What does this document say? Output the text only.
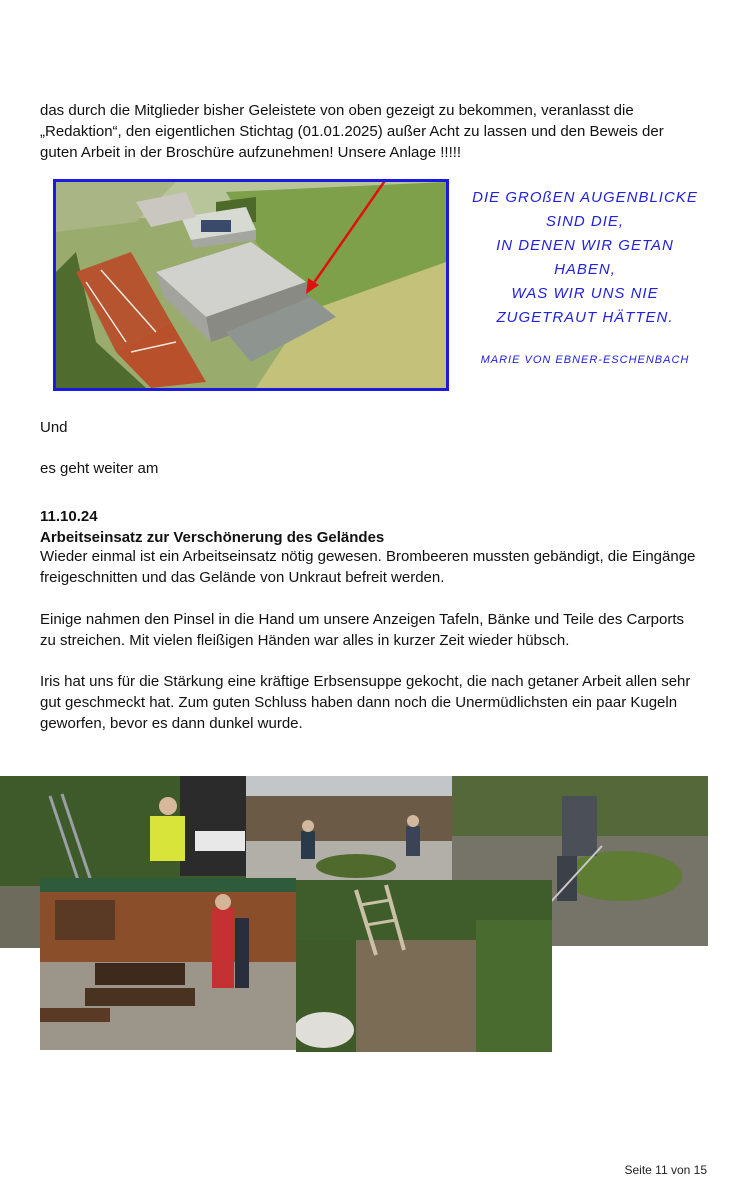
das durch die Mitglieder bisher Geleistete von oben gezeigt zu bekommen, veranlasst die „Redaktion“, den eigentlichen Stichtag (01.01.2025) außer Acht zu lassen und den Beweis der guten Arbeit in der Broschüre aufzunehmen! Unsere Anlage !!!!!

DIE GROßEN AUGENBLICKE
SIND DIE,
IN DENEN WIR GETAN
HABEN,
WAS WIR UNS NIE
ZUGETRAUT HÄTTEN.
MARIE VON EBNER-ESCHENBACH

Und

es geht weiter am

11.10.24

Arbeitseinsatz zur Verschönerung des Geländes

Wieder einmal ist ein Arbeitseinsatz nötig gewesen. Brombeeren mussten gebändigt, die Eingänge freigeschnitten und das Gelände von Unkraut befreit werden.

Einige nahmen den Pinsel in die Hand um unsere Anzeigen Tafeln, Bänke und Teile des Carports zu streichen. Mit vielen fleißigen Händen war alles in kurzer Zeit wieder hübsch.

Iris hat uns für die Stärkung eine kräftige Erbsensuppe gekocht, die nach getaner Arbeit allen sehr gut geschmeckt hat. Zum guten Schluss haben dann noch die Unermüdlichsten ein paar Kugeln geworfen, bevor es dann dunkel wurde.

Seite 11 von 15
